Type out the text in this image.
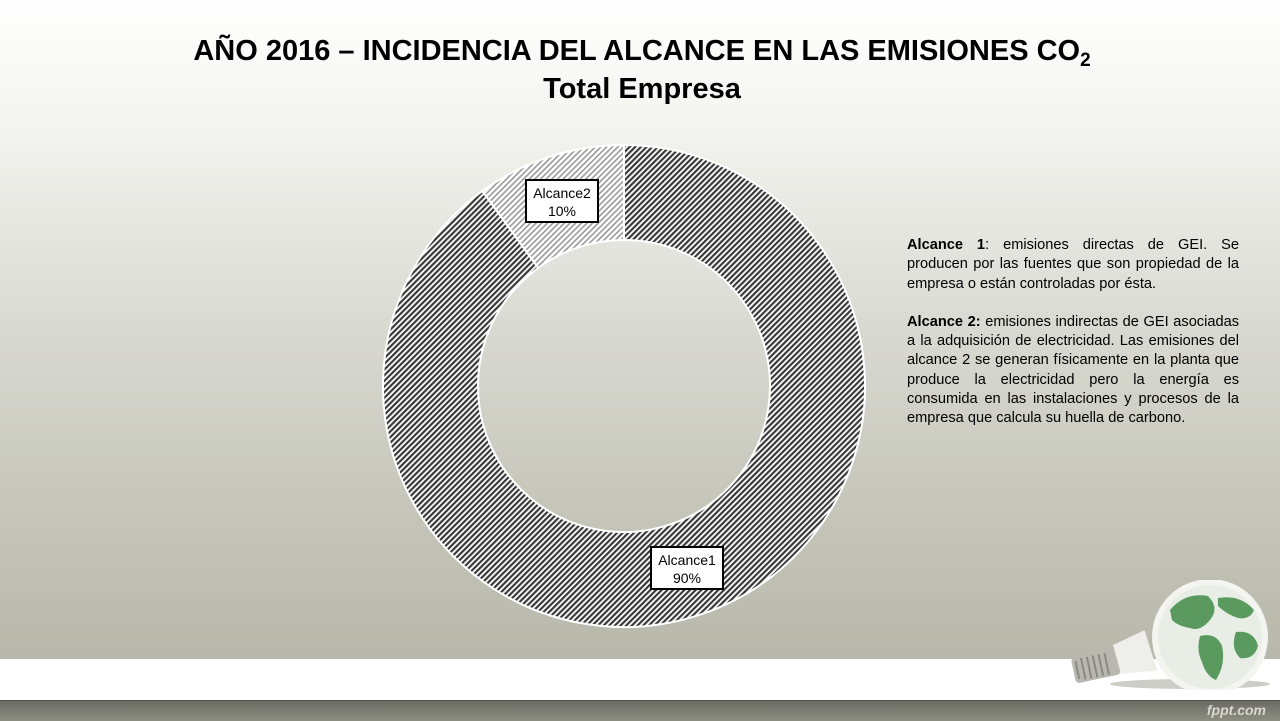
AÑO 2016 – INCIDENCIA DEL ALCANCE EN LAS EMISIONES $CO_2$
Total Empresa
Alcance1
90%
Alcance2
10%

Alcance 1: emisiones directas de GEI. Se producen por las fuentes que son propiedad de la empresa o están controladas por ésta.

Alcance 2: emisiones indirectas de GEI asociadas a la adquisición de electricidad. Las emisiones del alcance 2 se generan físicamente en la planta que produce la electricidad pero la energía es consumida en las instalaciones y procesos de la empresa que calcula su huella de carbono.

fppt.com
